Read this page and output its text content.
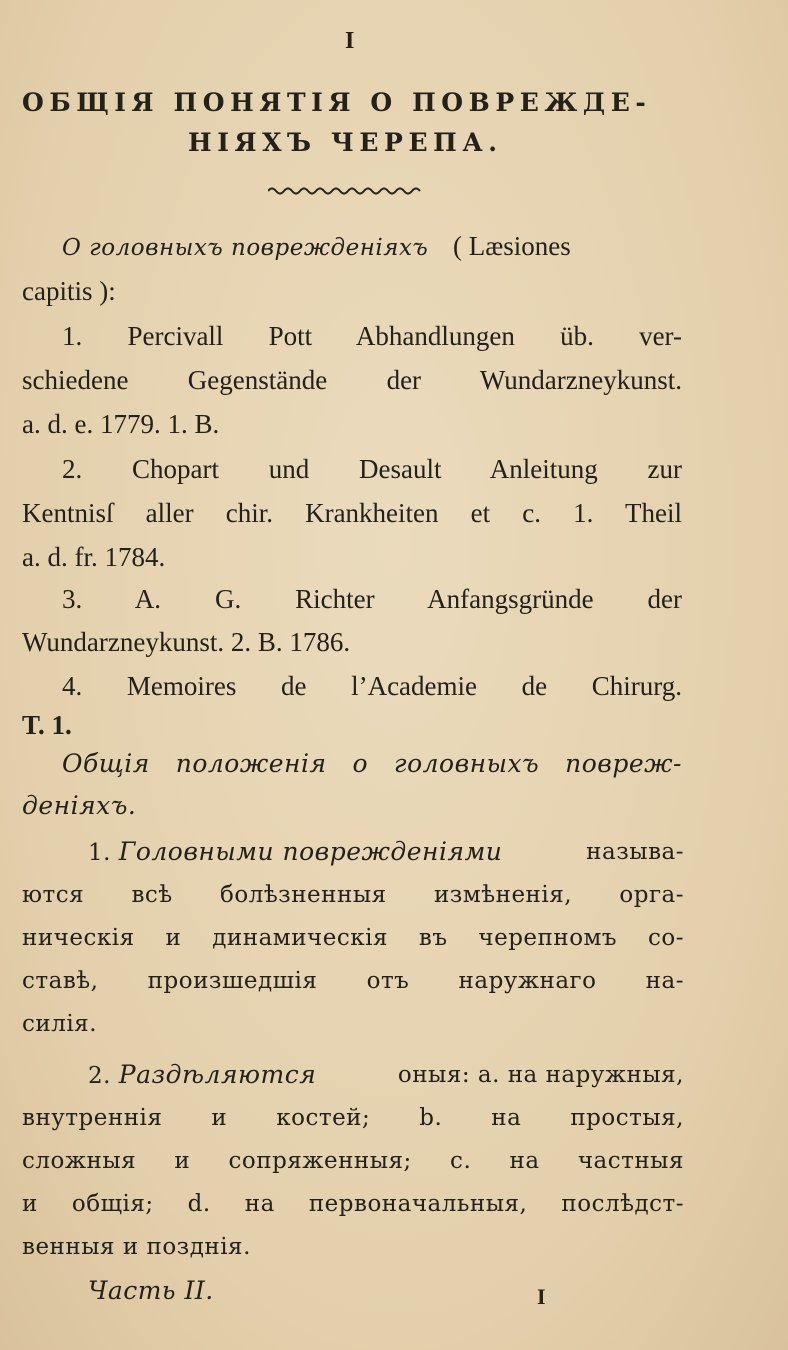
I
ОБЩІЯ ПОНЯТІЯ О ПОВРЕЖДЕ-
НІЯХЪ ЧЕРЕПА.
О головныхъ поврежденіяхъ ( Læsiones
capitis ):
1. Percivall Pott Abhandlungen üb. ver-
schiedene Gegenstände der Wundarzneykunst.
a. d. e. 1779. 1. B.
2. Chopart und Desault Anleitung zur
Kentnisſ aller chir. Krankheiten et c. 1. Theil
a. d. fr. 1784.
3. A. G. Richter Anfangsgründe der
Wundarzneykunst. 2. B. 1786.
4. Memoires de l’Academie de Chirurg.
T. 1.
Общія положенія о головныхъ повреж-
деніяхъ.
1. Головными поврежденіями	называ-
ются всѣ болѣзненныя измѣненія, орга-
ническія и динамическія въ черепномъ со-
ставѣ, произшедшія отъ наружнаго на-
силія.
2. Раздѣляются	оныя: а. на наружныя,
внутреннія и костей; b. на простыя,
сложныя и сопряженныя; с. на частныя
и общія; d. на первоначальныя, послѣдст-
венныя и позднія.
Часть II.	I
